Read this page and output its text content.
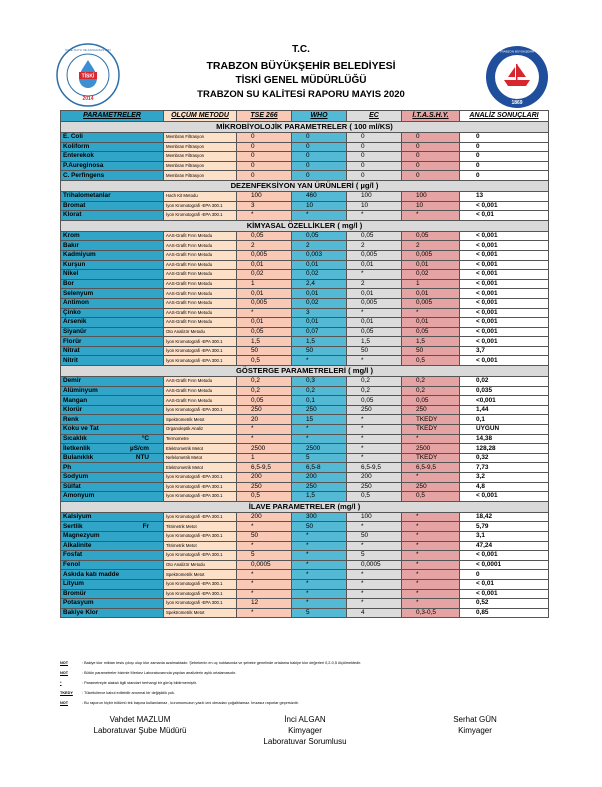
TİSKİ
2014
İÇME SUYU VE KANALİZASYON
1869
TRABZON BÜYÜKŞEHİR
T.C.
TRABZON BÜYÜKŞEHİR BELEDİYESİ
TİSKİ GENEL MÜDÜRLÜĞÜ
TRABZON SU KALİTESİ RAPORU MAYIS 2020
PARAMETRELER	ÖLÇÜM METODU	TSE 266	WHO	EC	İ.T.A.S.H.Y.	ANALİZ SONUÇLARI
MİKROBİYOLOJİK PARAMETRELER ( 100 ml/KS)						
E. Coli	Membran Filtrasyon	0	0	0	0	0
Koliform	Membran Filtrasyon	0	0	0	0	0
Enterekok	Membran Filtrasyon	0	0	0	0	0
P.Aureginosa	Membran Filtrasyon	0	0	0	0	0
C. Perfingens	Membran Filtrasyon	0	0	0	0	0
DEZENFEKSİYON YAN ÜRÜNLERİ ( µg/l )						
Trihalometanlar	Hach Kit Metodu	100	460	100	100	13
Bromat	İyon Kromotografi -EPA 300.1	3	10	10	10	< 0,001
Klorat	İyon Kromotografi -EPA 300.1	*	*	*	*	< 0,01
KİMYASAL ÖZELLİKLER ( mg/l )						
Krom	AAS-Grafit Fırın Metodu	0,05	0,05	0,05	0,05	< 0,001
Bakır	AAS-Grafit Fırın Metodu	2	2	2	2	< 0,001
Kadmiyum	AAS-Grafit Fırın Metodu	0,005	0,003	0,005	0,005	< 0,001
Kurşun	AAS-Grafit Fırın Metodu	0,01	0,01	0,01	0,01	< 0,001
Nikel	AAS-Grafit Fırın Metodu	0,02	0,02	*	0,02	< 0,001
Bor	AAS-Grafit Fırın Metodu	1	2,4	2	1	< 0,001
Selenyum	AAS-Grafit Fırın Metodu	0,01	0,01	0,01	0,01	< 0,001
Antimon	AAS-Grafit Fırın Metodu	0,005	0,02	0,005	0,005	< 0,001
Çinko	AAS-Grafit Fırın Metodu	*	3	*	*	< 0,001
Arsenik	AAS-Grafit Fırın Metodu	0,01	0,01	0,01	0,01	< 0,001
Siyanür	Oto Analizör Metodu	0,05	0,07	0,05	0,05	< 0,001
Florür	İyon Kromotografi -EPA 300.1	1,5	1,5	1,5	1,5	< 0,001
Nitrat	İyon Kromotografi -EPA 300.1	50	50	50	50	3,7
Nitrit	İyon Kromotografi -EPA 300.1	0,5	*	*	0,5	< 0,001
GÖSTERGE PARAMETRELERİ ( mg/l )						
Demir	AAS-Grafit Fırın Metodu	0,2	0,3	0,2	0,2	0,02
Alüminyum	AAS-Grafit Fırın Metodu	0,2	0,2	0,2	0,2	0,035
Mangan	AAS-Grafit Fırın Metodu	0,05	0,1	0,05	0,05	<0,001
Klorür	İyon Kromotografi -EPA 300.1	250	250	250	250	1,44
Renk	Spektrometrik Metot	20	15	*	TKEDY	0,1
Koku ve Tat	Organoleptik Analiz	*	*	*	TKEDY	UYGUN
Sıcaklık °C	Termometre	*	*	*	*	14,38
İletkenlik µS/cm	Elektrometrik Metot	2500	2500	*	2500	128,28
Bulanıklık NTU	Nefelometrik Metot	1	5	*	TKEDY	0,32
Ph	Elektrometrik Metot	6,5-9,5	6,5-8	6,5-9,5	6,5-9,5	7,73
Sodyum	İyon Kromotografi -EPA 300.1	200	200	200	*	3,2
Sülfat	İyon Kromotografi -EPA 300.1	250	250	250	250	4,8
Amonyum	İyon Kromotografi -EPA 300.1	0,5	1,5	0,5	0,5	< 0,001
İLAVE PARAMETRELER (mg/l )						
Kalsiyum	İyon Kromotografi -EPA 300.1	200	300	100	*	18,42
Sertlik Fr	Titrimetrik Metot	*	50	*	*	5,79
Magnezyum	İyon Kromotografi -EPA 300.1	50	*	50	*	3,1
Alkalinite	Titrimetrik Metot	*	*	*	*	47,24
Fosfat	İyon Kromotografi -EPA 300.1	5	*	5	*	< 0,001
Fenol	Oto Analizör Metodu	0,0005	*	0,0005	*	< 0,0001
Askıda katı madde	Spektrometrik Metot	*	*	*	*	0
Lityum	İyon Kromotografi -EPA 300.1	*	*	*	*	< 0,01
Bromür	İyon Kromotografi -EPA 300.1	*	*	*	*	< 0,001
Potasyum	İyon Kromotografi -EPA 300.1	12	*	*	*	0,52
Bakiye Klor	Spektrometrik Metot	*	5	4	0,3-0,5	0,85
NOT	: Bakiye klor miktarı tesis çıkışı olup klor zamanla azalmaktadır. Şebekenin en uç noktasında ve şebeke genelinde ortalama bakiye klor değerleri 0,2-0,5 ölçülmektedir.
NOT	: Bütün parametreler bizimle Merkez Laboratuvarında yapılan analizlerin aylık ortalamasıdır.
*	: Parametreyle alakalı ilgili standart herhangi bir görüş bildirmemiştir.
TKEDY	: Tüketicilerce kabul edilebilir anormal bir değişiklik yok.
NOT	: Bu raporun hiçbir bölümü tek başına kullanılamaz , kurumumuzun yazılı izni olmadan çoğaltılamaz. İmzasız raporlar geçersizdir.
Vahdet MAZLUM
Laboratuvar Şube Müdürü
İnci ALGAN
Kimyager
Laboratuvar Sorumlusu
Serhat GÜN
Kimyager
